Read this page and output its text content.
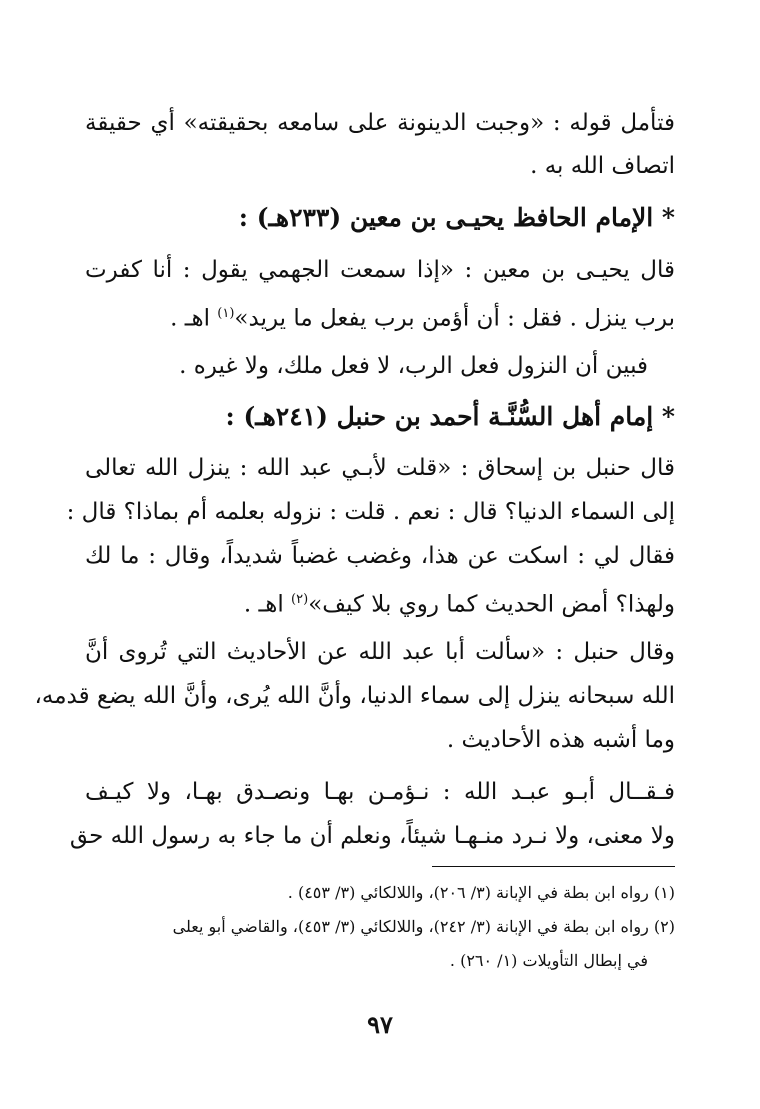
فتأمل قوله : «وجبت الدينونة على سامعه بحقيقته» أي حقيقة
اتصاف الله به .
* الإمام الحافظ يحيـى بن معين (٢٣٣هـ) :
قال يحيـى بن معين : «إذا سمعت الجهمي يقول : أنا كفرت
برب ينزل . فقل : أن أؤمن برب يفعل ما يريد»$^{(١)}$ اهـ .
فبين أن النزول فعل الرب، لا فعل ملك، ولا غيره .
* إمام أهل السُّنَّـة أحمد بن حنبل (٢٤١هـ) :
قال حنبل بن إسحاق : «قلت لأبـي عبد الله : ينزل الله تعالى
إلى السماء الدنيا؟ قال : نعم . قلت : نزوله بعلمه أم بماذا؟ قال :
فقال لي : اسكت عن هذا، وغضب غضباً شديداً، وقال : ما لك
ولهذا؟ أمض الحديث كما روي بلا كيف»$^{(٢)}$ اهـ .
وقال حنبل : «سألت أبا عبد الله عن الأحاديث التي تُروى أنَّ
الله سبحانه ينزل إلى سماء الدنيا، وأنَّ الله يُرى، وأنَّ الله يضع قدمه،
وما أشبه هذه الأحاديث .
فـقــال أبـو عبـد الله : نـؤمـن بهـا ونصـدق بهـا، ولا كيـف
ولا معنى، ولا نـرد منـهـا شيئاً، ونعلم أن ما جاء به رسول الله حق
(١) رواه ابن بطة في الإبانة (٣/ ٢٠٦)، واللالكائي (٣/ ٤٥٣) .
(٢) رواه ابن بطة في الإبانة (٣/ ٢٤٢)، واللالكائي (٣/ ٤٥٣)، والقاضي أبو يعلى
في إبطال التأويلات (١/ ٢٦٠) .
٩٧
